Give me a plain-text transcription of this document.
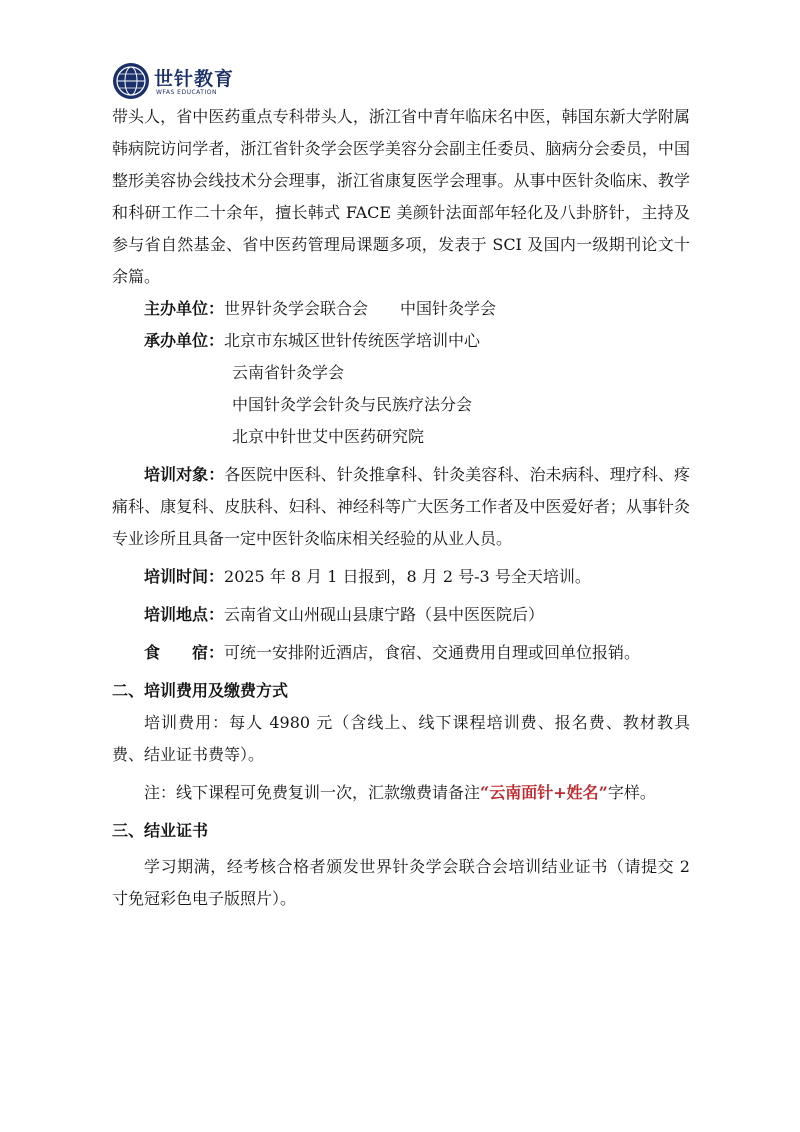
世针教育
WFAS EDUCATION

带头人，省中医药重点专科带头人，浙江省中青年临床名中医，韩国东新大学附属韩病院访问学者，浙江省针灸学会医学美容分会副主任委员、脑病分会委员，中国整形美容协会线技术分会理事，浙江省康复医学会理事。从事中医针灸临床、教学和科研工作二十余年，擅长韩式 FACE 美颜针法面部年轻化及八卦脐针，主持及参与省自然基金、省中医药管理局课题多项，发表于 SCI 及国内一级期刊论文十余篇。

主办单位： 世界针灸学会联合会　　中国针灸学会
承办单位： 北京市东城区世针传统医学培训中心

云南省针灸学会

中国针灸学会针灸与民族疗法分会

北京中针世艾中医药研究院

培训对象：各医院中医科、针灸推拿科、针灸美容科、治未病科、理疗科、疼痛科、康复科、皮肤科、妇科、神经科等广大医务工作者及中医爱好者；从事针灸专业诊所且具备一定中医针灸临床相关经验的从业人员。

培训时间： 2025 年 8 月 1 日报到，8 月 2 号-3 号全天培训。
培训地点： 云南省文山州砚山县康宁路（县中医医院后）
食　　宿： 可统一安排附近酒店，食宿、交通费用自理或回单位报销。

二、培训费用及缴费方式

培训费用：每人 4980 元（含线上、线下课程培训费、报名费、教材教具费、结业证书费等）。

注：线下课程可免费复训一次，汇款缴费请备注“云南面针+姓名”字样。

三、结业证书

学习期满，经考核合格者颁发世界针灸学会联合会培训结业证书（请提交 2 寸免冠彩色电子版照片）。
